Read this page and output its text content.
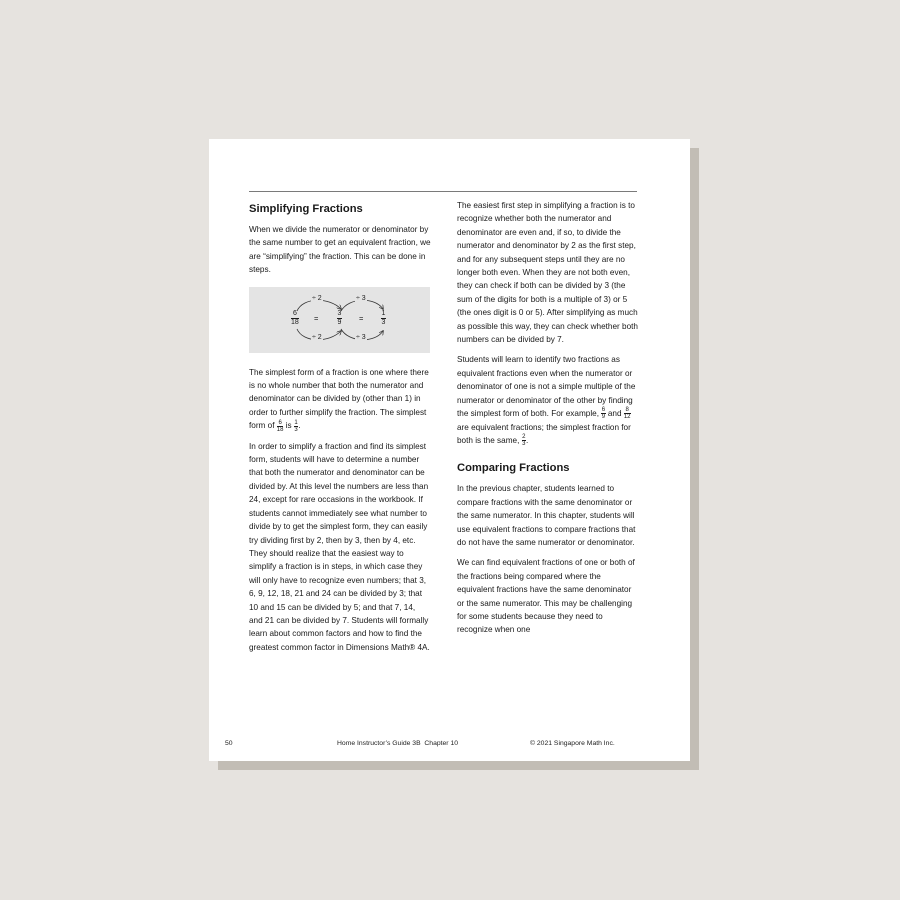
Simplifying Fractions

When we divide the numerator or denominator by the same number to get an equivalent fraction, we are “simplifying” the fraction. This can be done in steps.

÷ 2
÷ 2
÷ 3
÷ 3
$\frac{6}{18}$ =	$\frac{3}{9}$ =	$\frac{1}{3}$

The simplest form of a fraction is one where there is no whole number that both the numerator and denominator can be divided by (other than 1) in order to further simplify the fraction. The simplest form of $\frac{6}{18}$ is $\frac{1}{3}$ .

In order to simplify a fraction and find its simplest form, students will have to determine a number that both the numerator and denominator can be divided by. At this level the numbers are less than 24, except for rare occasions in the workbook. If students cannot immediately see what number to divide by to get the simplest form, they can easily try dividing first by 2, then by 3, then by 4, etc. They should realize that the easiest way to simplify a fraction is in steps, in which case they will only have to recognize even numbers; that 3, 6, 9, 12, 18, 21 and 24 can be divided by 3; that 10 and 15 can be divided by 5; and that 7, 14, and 21 can be divided by 7. Students will formally learn about common factors and how to find the greatest common factor in Dimensions Math® 4A.

The easiest first step in simplifying a fraction is to recognize whether both the numerator and denominator are even and, if so, to divide the numerator and denominator by 2 as the first step, and for any subsequent steps until they are no longer both even. When they are not both even, they can check if both can be divided by 3 (the sum of the digits for both is a multiple of 3) or 5 (the ones digit is 0 or 5). After simplifying as much as possible this way, they can check whether both numbers can be divided by 7.

Students will learn to identify two fractions as equivalent fractions even when the numerator or denominator of one is not a simple multiple of the numerator or denominator of the other by finding the simplest form of both. For example, $\frac{6}{9}$ and $\frac{8}{12}$
are equivalent fractions; the simplest fraction for both is the same, $\frac{2}{3}$ .

Comparing Fractions

In the previous chapter, students learned to compare fractions with the same denominator or the same numerator. In this chapter, students will use equivalent fractions to compare fractions that do not have the same numerator or denominator.

We can find equivalent fractions of one or both of the fractions being compared where the equivalent fractions have the same denominator or the same numerator. This may be challenging for some students because they need to recognize when one

50	Home Instructor’s Guide 3B  Chapter 10	© 2021 Singapore Math Inc.
